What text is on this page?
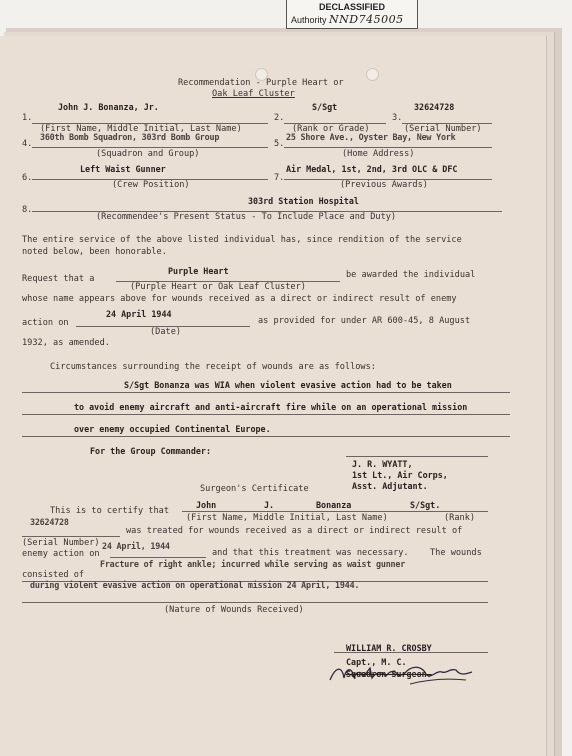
DECLASSIFIED
Authority NND745005
Recommendation - Purple Heart or
Oak Leaf Cluster
John J. Bonanza, Jr.	S/Sgt	32624728
1.	2.	3.
(First Name, Middle Initial, Last Name)	(Rank or Grade)	(Serial Number)
360th Bomb Squadron, 303rd Bomb Group	25 Shore Ave., Oyster Bay, New York
4.	5.
(Squadron and Group)	(Home Address)
Left Waist Gunner	Air Medal, 1st, 2nd, 3rd OLC & DFC
6.	7.
(Crew Position)	(Previous Awards)
303rd Station Hospital
8.
(Recommendee's Present Status - To Include Place and Duty)
The entire service of the above listed individual has, since rendition of the service
noted below, been honorable.
Purple Heart
Request that a	be awarded the individual
(Purple Heart or Oak Leaf Cluster)
whose name appears above for wounds received as a direct or indirect result of enemy
24 April 1944
action on	as provided for under AR 600-45, 8 August
(Date)
1932, as amended.
Circumstances surrounding the receipt of wounds are as follows:
S/Sgt Bonanza was WIA when violent evasive action had to be taken
to avoid enemy aircraft and anti-aircraft fire while on an operational mission
over enemy occupied Continental Europe.
For the Group Commander:
J. R. WYATT,
1st Lt., Air Corps,
Asst. Adjutant.
Surgeon's Certificate
John	J.	Bonanza	S/Sgt.
This is to certify that
(First Name, Middle Initial, Last Name)	(Rank)
32624728
was treated for wounds received as a direct or indirect result of
(Serial Number) 24 April, 1944
enemy action on	and that this treatment was necessary. The wounds
Fracture of right ankle; incurred while serving as waist gunner
consisted of
during violent evasive action on operational mission 24 April, 1944.
(Nature of Wounds Received)
WILLIAM R. CROSBY
Capt., M. C.
Squadron Surgeon.
